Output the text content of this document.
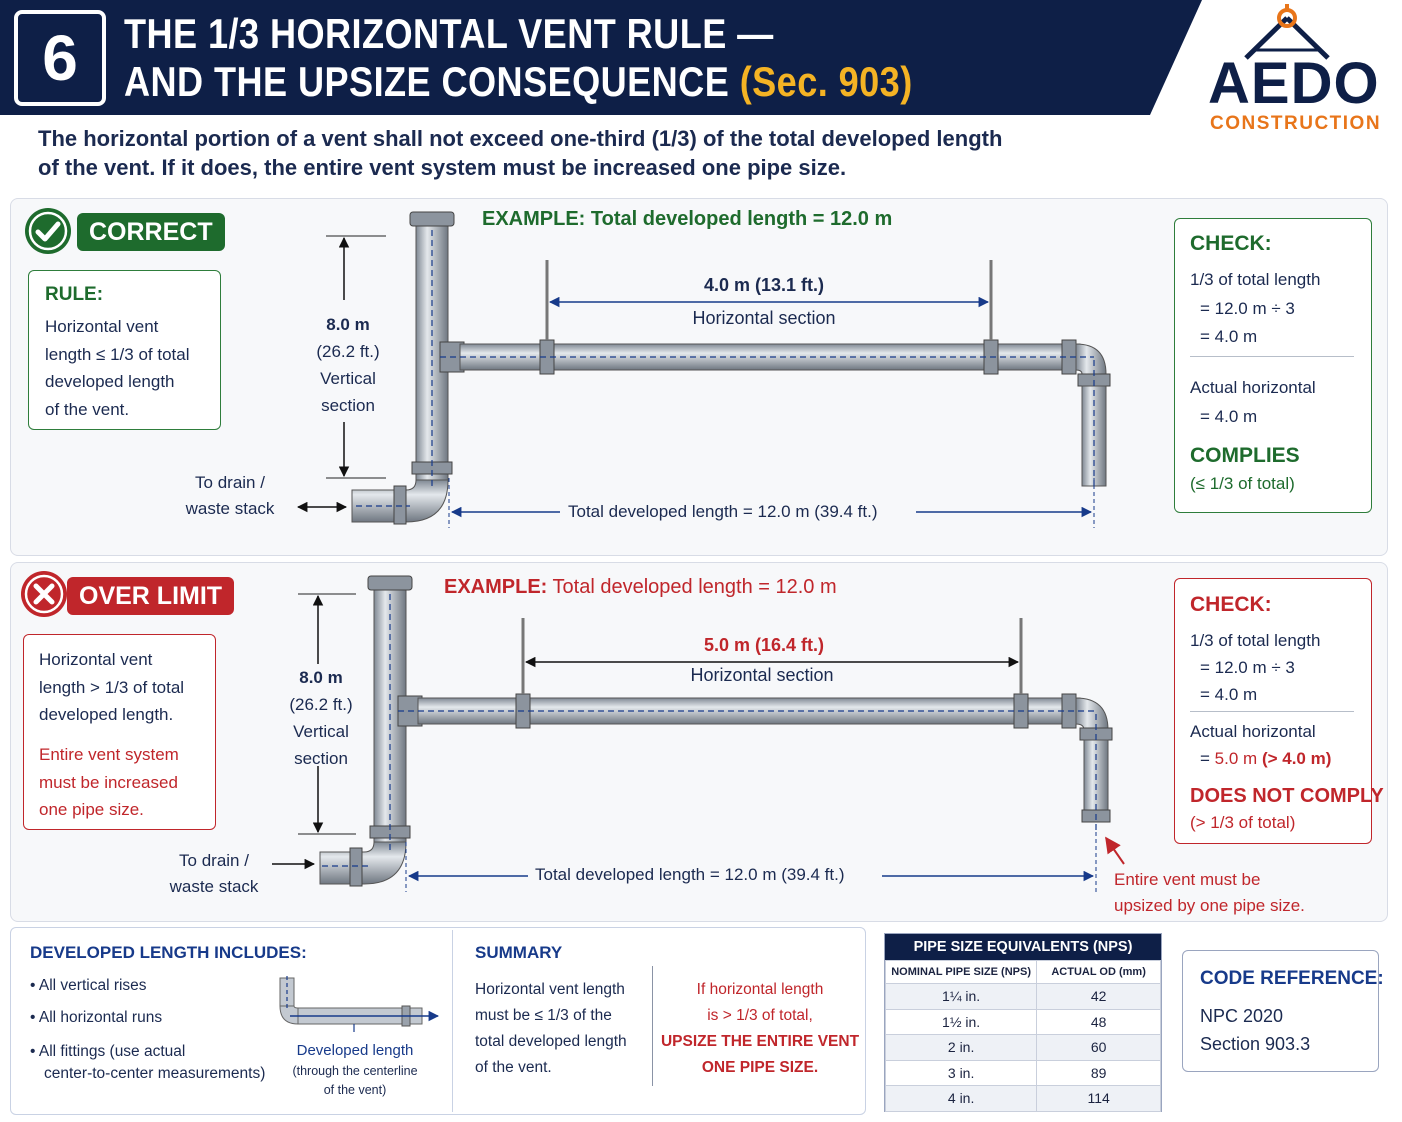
6	THE 1/3 HORIZONTAL VENT RULE —
AND THE UPSIZE CONSEQUENCE (Sec. 903)	AEDO
CONSTRUCTION
The horizontal portion of a vent shall not exceed one-third (1/3) of the total developed length
of the vent. If it does, the entire vent system must be increased one pipe size.
CORRECT
RULE:
Horizontal vent
length ≤ 1/3 of total
developed length
of the vent.
EXAMPLE: Total developed length = 12.0 m
8.0 m
(26.2 ft.)
Vertical
section
4.0 m (13.1 ft.)
Horizontal section
To drain /
waste stack	Total developed length = 12.0 m (39.4 ft.)
CHECK:
1/3 of total length
= 12.0 m ÷ 3
= 4.0 m
Actual horizontal
= 4.0 m
COMPLIES
(≤ 1/3 of total)
OVER LIMIT
Horizontal vent
length > 1/3 of total
developed length.
Entire vent system
must be increased
one pipe size.
EXAMPLE: Total developed length = 12.0 m
8.0 m
(26.2 ft.)
Vertical
section
5.0 m (16.4 ft.)
Horizontal section
To drain /
waste stack
Total developed length = 12.0 m (39.4 ft.)	Entire vent must be
upsized by one pipe size.
CHECK:
1/3 of total length
= 12.0 m ÷ 3
= 4.0 m
Actual horizontal
= 5.0 m (> 4.0 m)
DOES NOT COMPLY
(> 1/3 of total)
DEVELOPED LENGTH INCLUDES:
• All vertical rises
• All horizontal runs
• All fittings (use actual
center-to-center measurements)
Developed length
(through the centerline
of the vent)
SUMMARY
Horizontal vent length
must be ≤ 1/3 of the
total developed length
of the vent.
If horizontal length
is > 1/3 of total,
UPSIZE THE ENTIRE VENT
ONE PIPE SIZE.
PIPE SIZE EQUIVALENTS (NPS)
NOMINAL PIPE SIZE (NPS)	ACTUAL OD (mm)
1¼ in.	42
1½ in.	48
2 in.	60
3 in.	89
4 in.	114
CODE REFERENCE:
NPC 2020
Section 903.3
